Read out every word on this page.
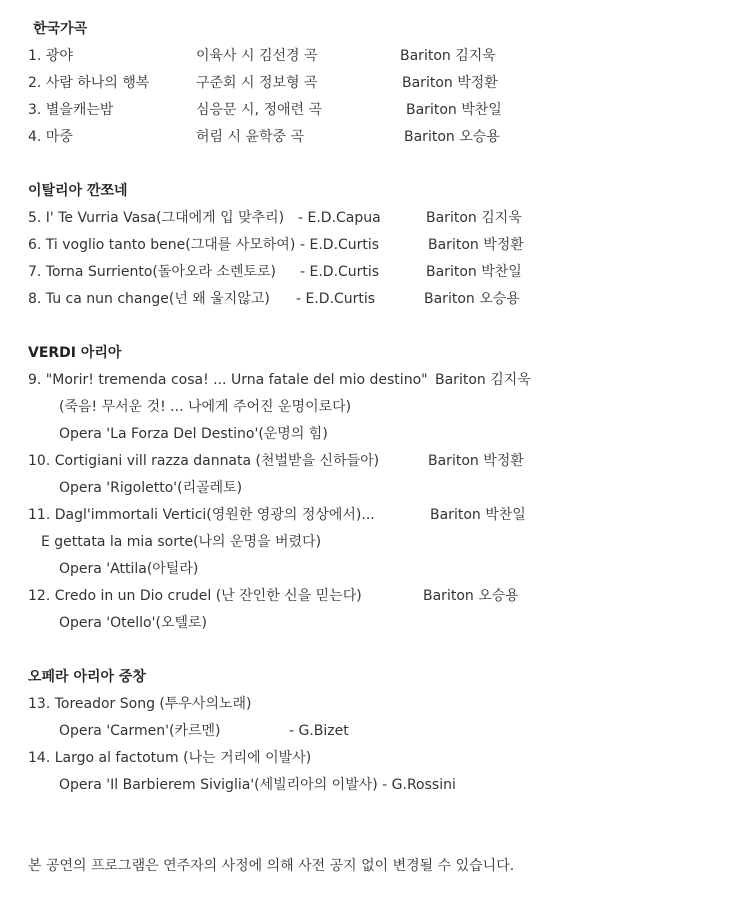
한국가곡
1. 광야	이육사 시 김선경 곡	Bariton 김지욱
2. 사람 하나의 행복	구준회 시 정보형 곡	Bariton 박정환
3. 별을캐는밤	심응문 시, 정애련 곡	Bariton 박찬일
4. 마중	허림 시 윤학중 곡	Bariton 오승용
이탈리아 깐쪼네
5. I' Te Vurria Vasa(그대에게 입 맞추리) - E.D.Capua	Bariton 김지욱
6. Ti voglio tanto bene(그대를 사모하여) - E.D.Curtis	Bariton 박정환
7. Torna Surriento(돌아오라 소렌토로) - E.D.Curtis	Bariton 박찬일
8. Tu ca nun change(넌 왜 울지않고) - E.D.Curtis	Bariton 오승용
VERDI 아리아
9. "Morir! tremenda cosa! ... Urna fatale del mio destino" Bariton 김지욱
(죽음! 무서운 것! ... 나에게 주어진 운명이로다)
Opera 'La Forza Del Destino'(운명의 힘)
10. Cortigiani vill razza dannata (천벌받을 신하들아)	Bariton 박정환
Opera 'Rigoletto'(리골레토)
11. Dagl'immortali Vertici(영원한 영광의 정상에서)...	Bariton 박찬일
E gettata la mia sorte(나의 운명을 버렸다)
Opera 'Attila(아틸라)
12. Credo in un Dio crudel (난 잔인한 신을 믿는다)	Bariton 오승용
Opera 'Otello'(오텔로)
오페라 아리아 중창
13. Toreador Song (투우사의노래)
Opera 'Carmen'(카르멘)	- G.Bizet
14. Largo al factotum (나는 거리에 이발사)
Opera 'Il Barbierem Siviglia'(세빌리아의 이발사) - G.Rossini
본 공연의 프로그램은 연주자의 사정에 의해 사전 공지 없이 변경될 수 있습니다.
